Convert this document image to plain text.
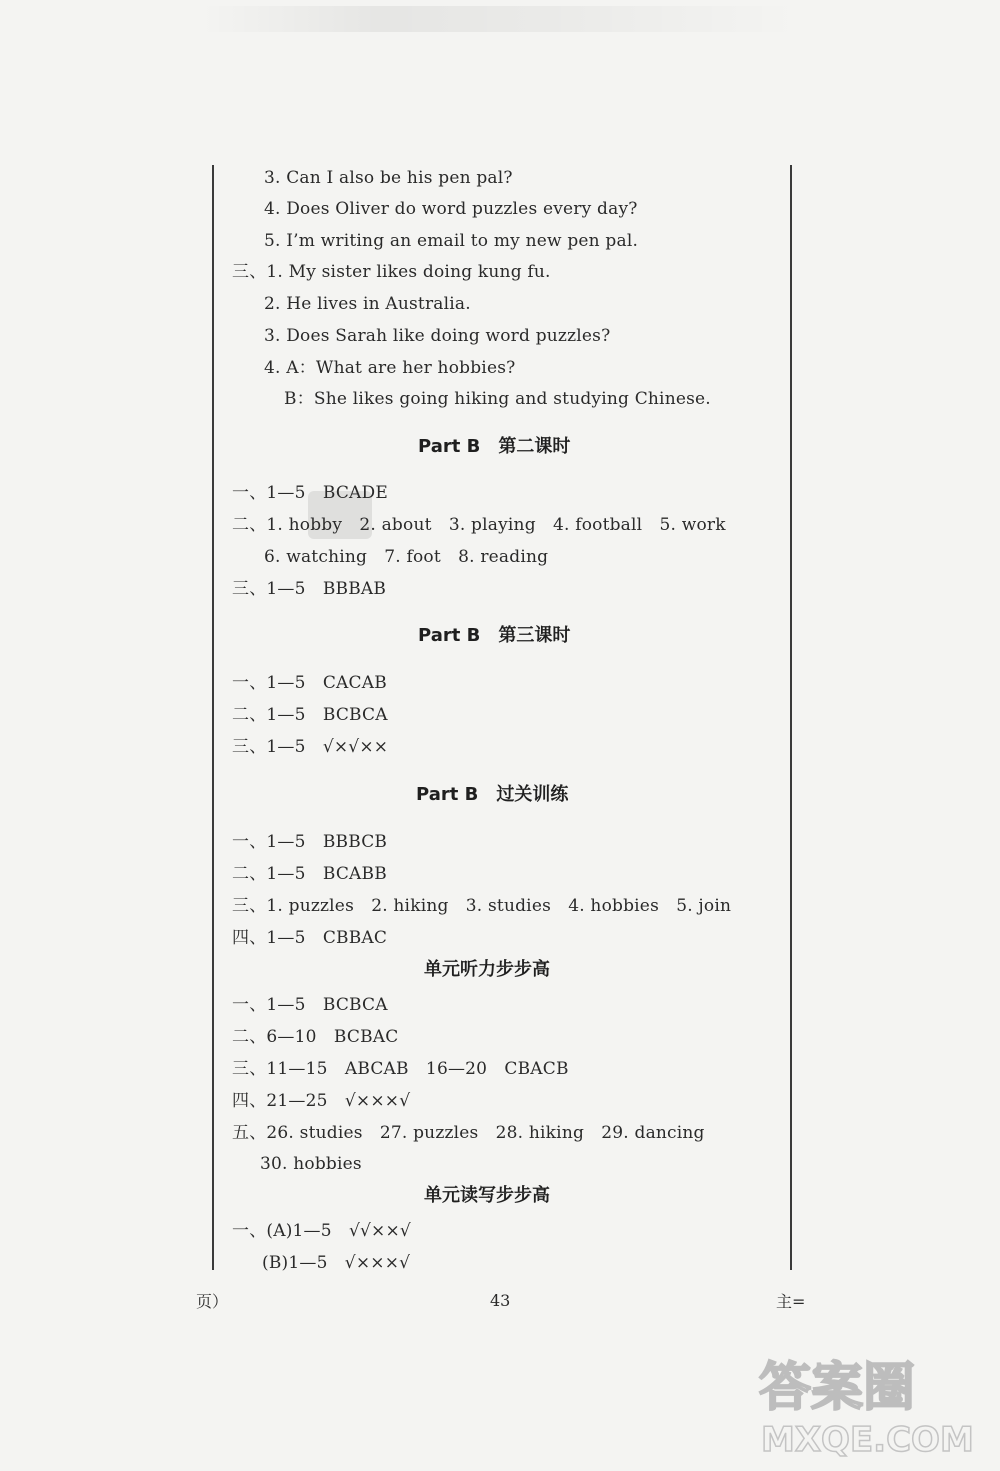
3. Can I also be his pen pal?
4. Does Oliver do word puzzles every day?
5. I’m writing an email to my new pen pal.
三、1. My sister likes doing kung fu.
2. He lives in Australia.
3. Does Sarah like doing word puzzles?
4. A：What are her hobbies?
B：She likes going hiking and studying Chinese.
Part B 第二课时
一、1—5　BCADE
二、1. hobby　2. about　3. playing　4. football　5. work
6. watching　7. foot　8. reading
三、1—5　BBBAB
Part B 第三课时
一、1—5　CACAB
二、1—5　BCBCA
三、1—5　√×√××
Part B 过关训练
一、1—5　BBBCB
二、1—5　BCABB
三、1. puzzles　2. hiking　3. studies　4. hobbies　5. join
四、1—5　CBBAC
单元听力步步高
一、1—5　BCBCA
二、6—10　BCBAC
三、11—15　ABCAB　16—20　CBACB
四、21—25　√×××√
五、26. studies　27. puzzles　28. hiking　29. dancing
30. hobbies
单元读写步步高
一、(A)1—5　√√××√
(B)1—5　√×××√
页）	43	主=
答案圈
MXQE.COM
